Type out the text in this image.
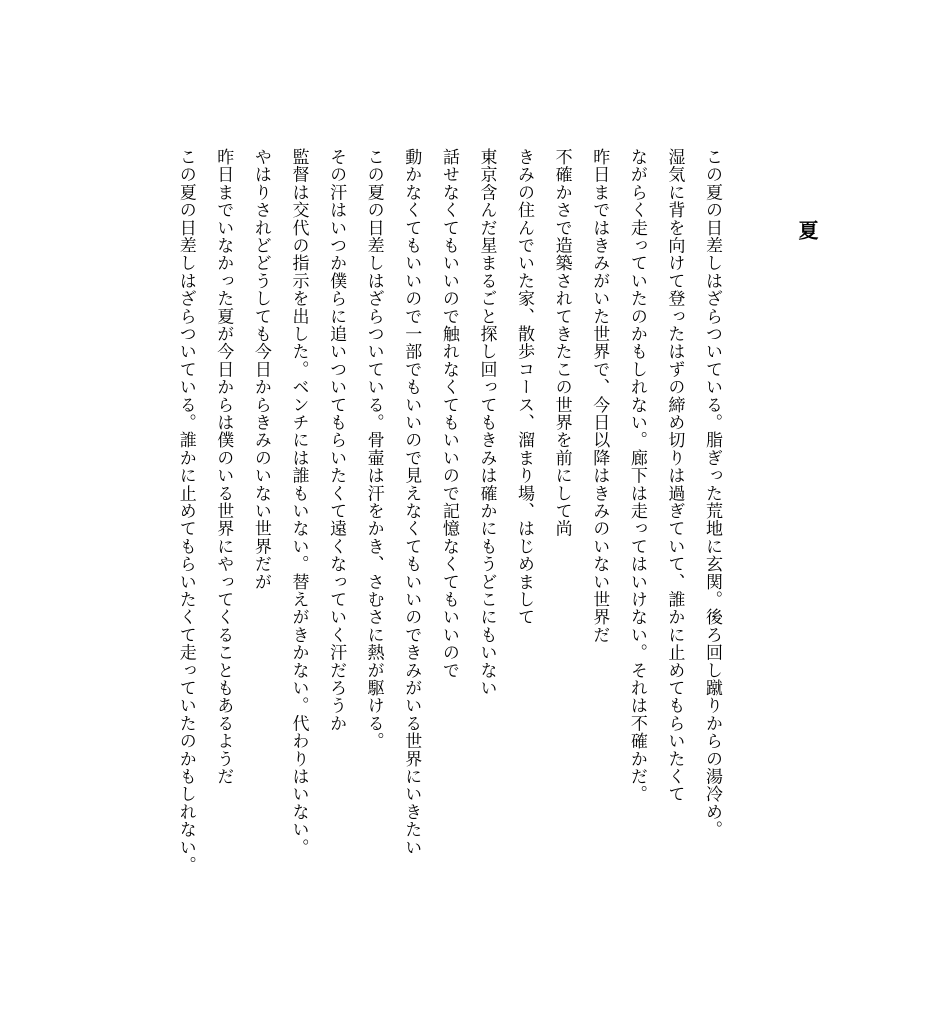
夏
この夏の日差しはざらついている。脂ぎった荒地に玄関。後ろ回し蹴りからの湯冷め。
湿気に背を向けて登ったはずの締め切りは過ぎていて、誰かに止めてもらいたくて
ながらく走っていたのかもしれない。廊下は走ってはいけない。それは不確かだ。
昨日まではきみがいた世界で、今日以降はきみのいない世界だ
不確かさで造築されてきたこの世界を前にして尚
きみの住んでいた家、散歩コース、溜まり場、はじめまして
東京含んだ星まるごと探し回ってもきみは確かにもうどこにもいない
話せなくてもいいので触れなくてもいいので記憶なくてもいいので
動かなくてもいいので一部でもいいので見えなくてもいいのできみがいる世界にいきたい
この夏の日差しはざらついている。骨壷は汗をかき、さむさに熱が駆ける。
その汗はいつか僕らに追いついてもらいたくて遠くなっていく汗だろうか
監督は交代の指示を出した。ベンチには誰もいない。替えがきかない。代わりはいない。
やはりされどどうしても今日からきみのいない世界だが
昨日までいなかった夏が今日からは僕のいる世界にやってくることもあるようだ
この夏の日差しはざらついている。誰かに止めてもらいたくて走っていたのかもしれない。
